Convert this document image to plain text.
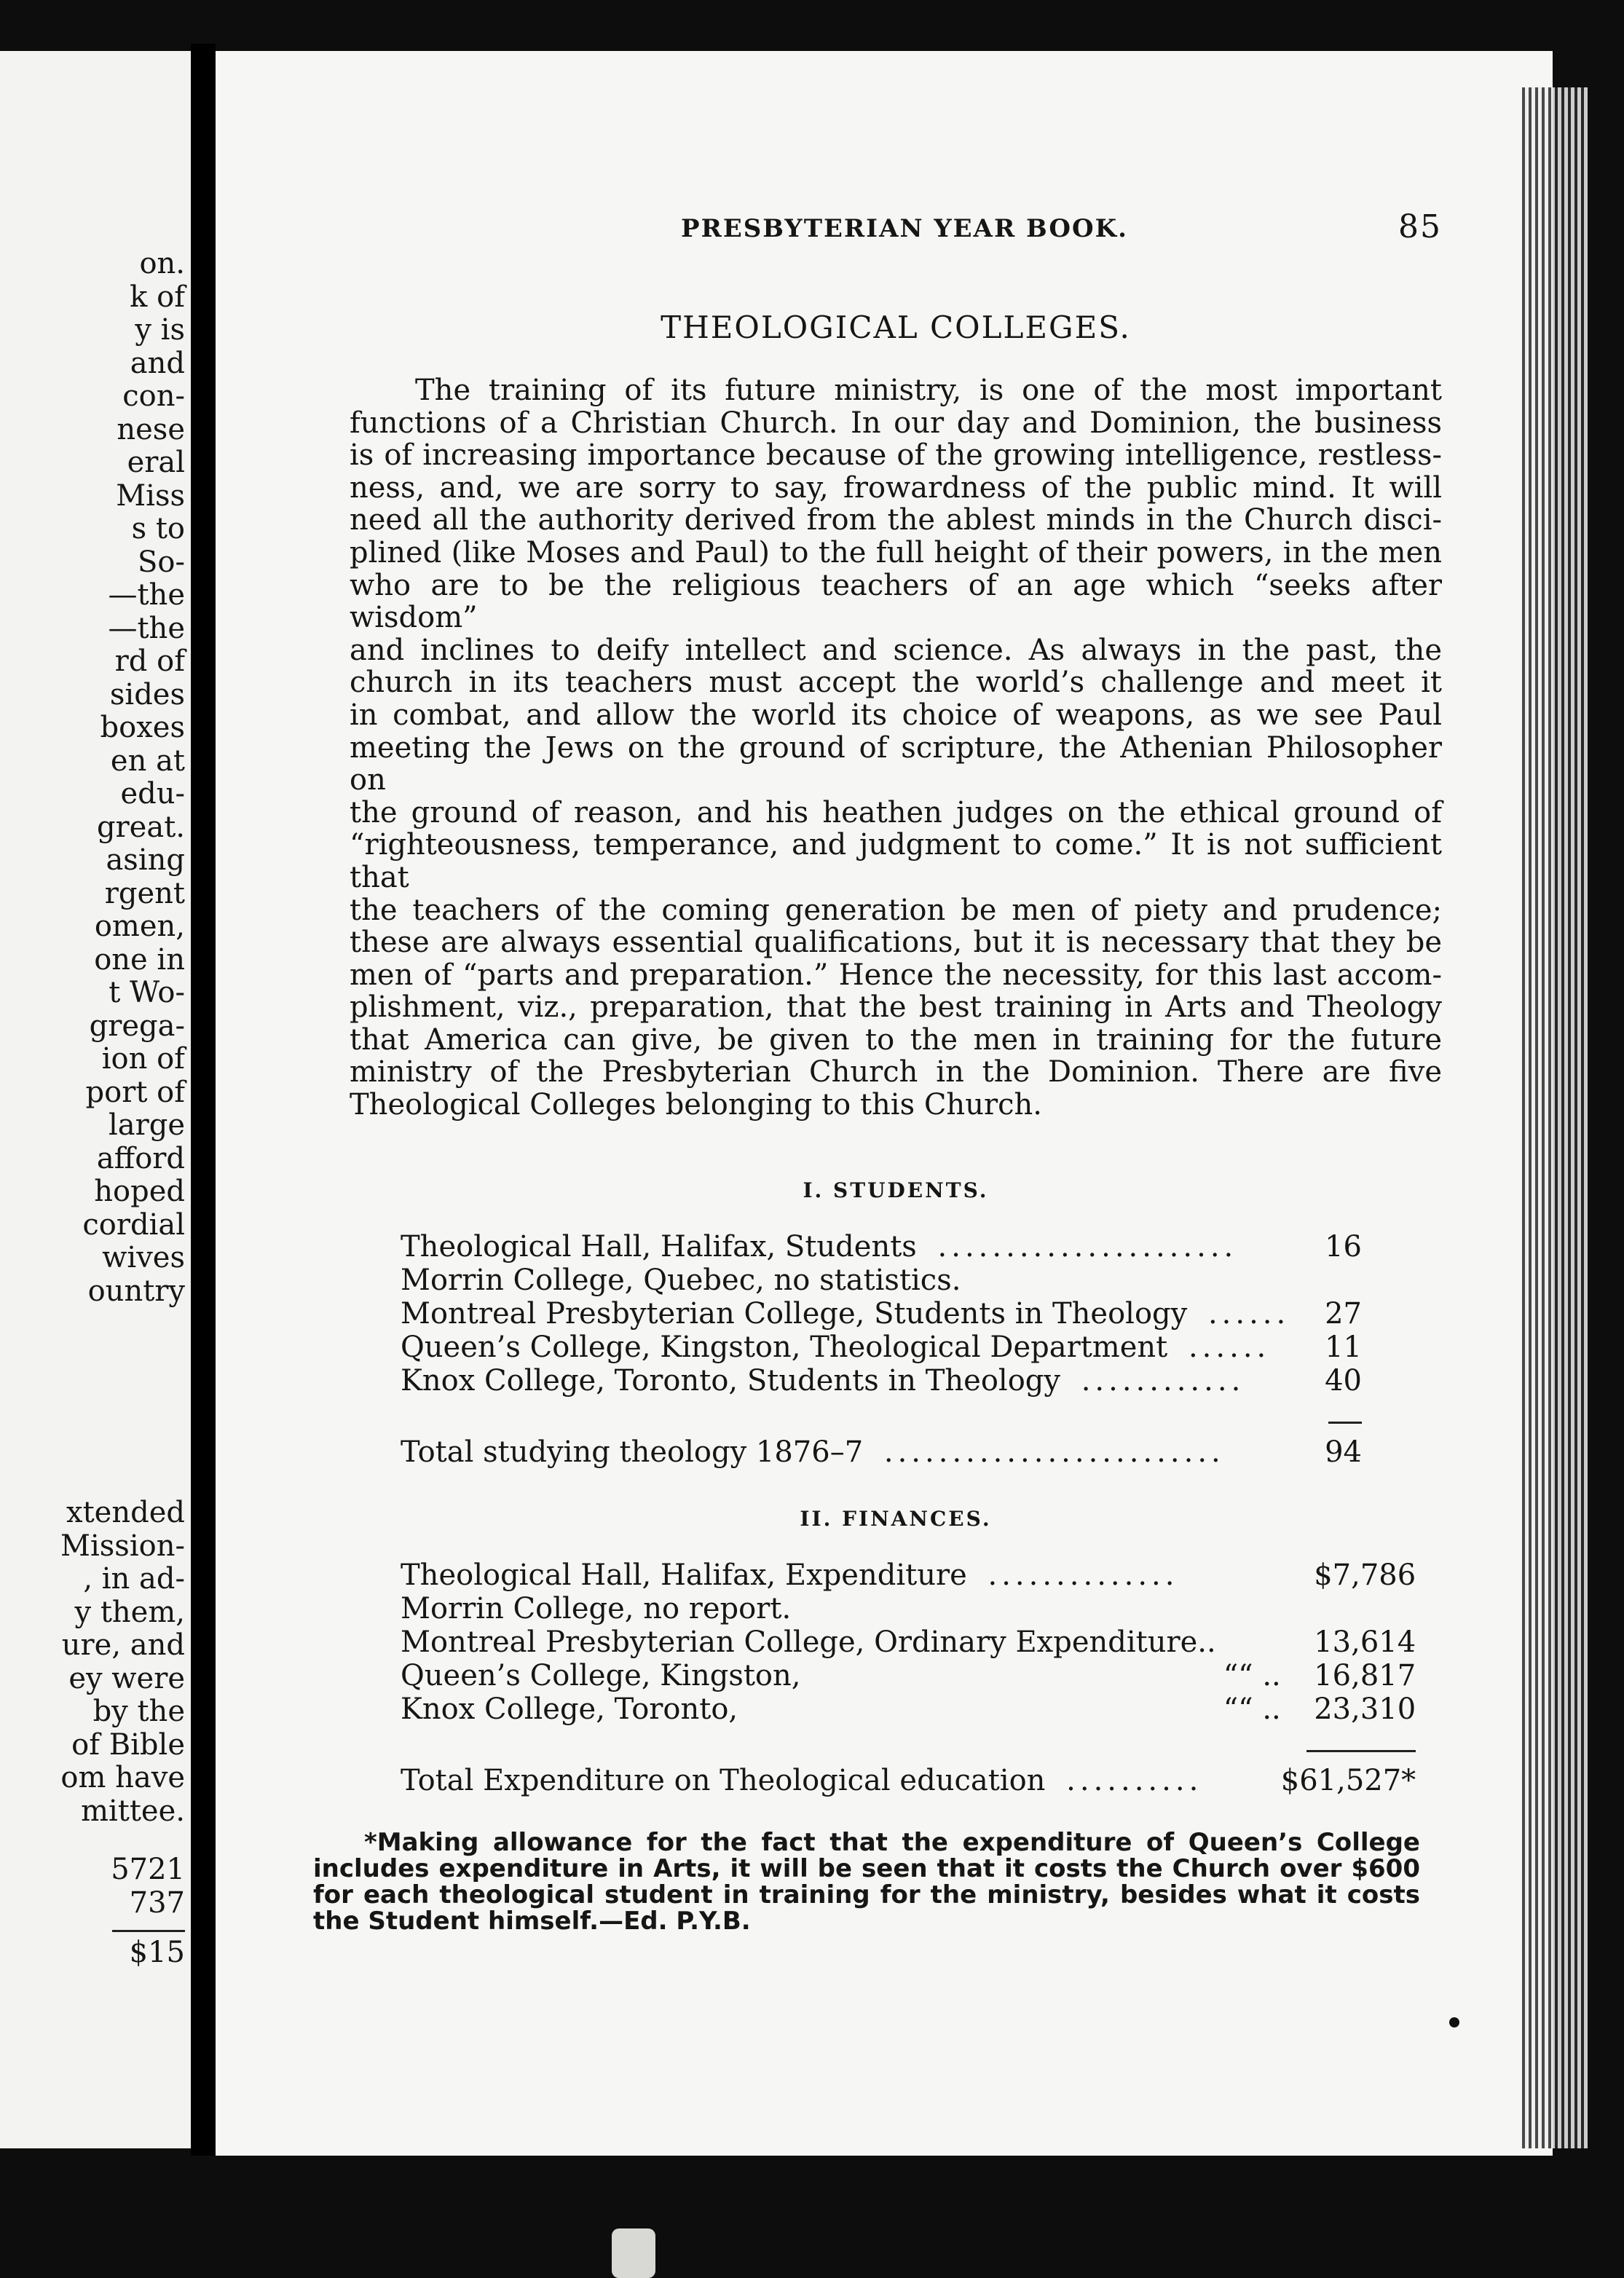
on.
k of
y is
and
con-
nese
eral
Miss
s to
So-
—the
—the
rd of
sides
boxes
en at
edu-
great.
asing
rgent
omen,
one in
t Wo-
grega-
ion of
port of
large
afford
hoped
cordial
wives
ountry
xtended
Mission-
, in ad-
y them,
ure, and
ey were
by the
of Bible
om have
mittee.
5721
737
$15
PRESBYTERIAN YEAR BOOK.	85
THEOLOGICAL COLLEGES.

The training of its future ministry, is one of the most important
functions of a Christian Church. In our day and Dominion, the business
is of increasing importance because of the growing intelligence, restless-
ness, and, we are sorry to say, frowardness of the public mind. It will
need all the authority derived from the ablest minds in the Church disci-
plined (like Moses and Paul) to the full height of their powers, in the men
who are to be the religious teachers of an age which “seeks after wisdom”
and inclines to deify intellect and science. As always in the past, the
church in its teachers must accept the world’s challenge and meet it
in combat, and allow the world its choice of weapons, as we see Paul
meeting the Jews on the ground of scripture, the Athenian Philosopher on
the ground of reason, and his heathen judges on the ethical ground of
“righteousness, temperance, and judgment to come.” It is not sufficient that
the teachers of the coming generation be men of piety and prudence;
these are always essential qualifications, but it is necessary that they be
men of “parts and preparation.” Hence the necessity, for this last accom-
plishment, viz., preparation, that the best training in Arts and Theology
that America can give, be given to the men in training for the future
ministry of the Presbyterian Church in the Dominion. There are five
Theological Colleges belonging to this Church.

I. STUDENTS.
Theological Hall, Halifax, Students ......................	16
Morrin College, Quebec, no statistics.	
Montreal Presbyterian College, Students in Theology ......	27
Queen’s College, Kingston, Theological Department ......	11
Knox College, Toronto, Students in Theology ............	40

Total studying theology 1876–7 .........................	94
II. FINANCES.
Theological Hall, Halifax, Expenditure ..............			$7,786
Morrin College, no report.			
Montreal Presbyterian College, Ordinary Expenditure..			13,614
Queen’s College, Kingston,	“	“ ..	16,817
Knox College, Toronto,	“	“ ..	23,310

Total Expenditure on Theological education ..........			$61,527*
*Making allowance for the fact that the expenditure of Queen’s College
includes expenditure in Arts, it will be seen that it costs the Church over $600
for each theological student in training for the ministry, besides what it costs
the Student himself.—Ed. P.Y.B.
